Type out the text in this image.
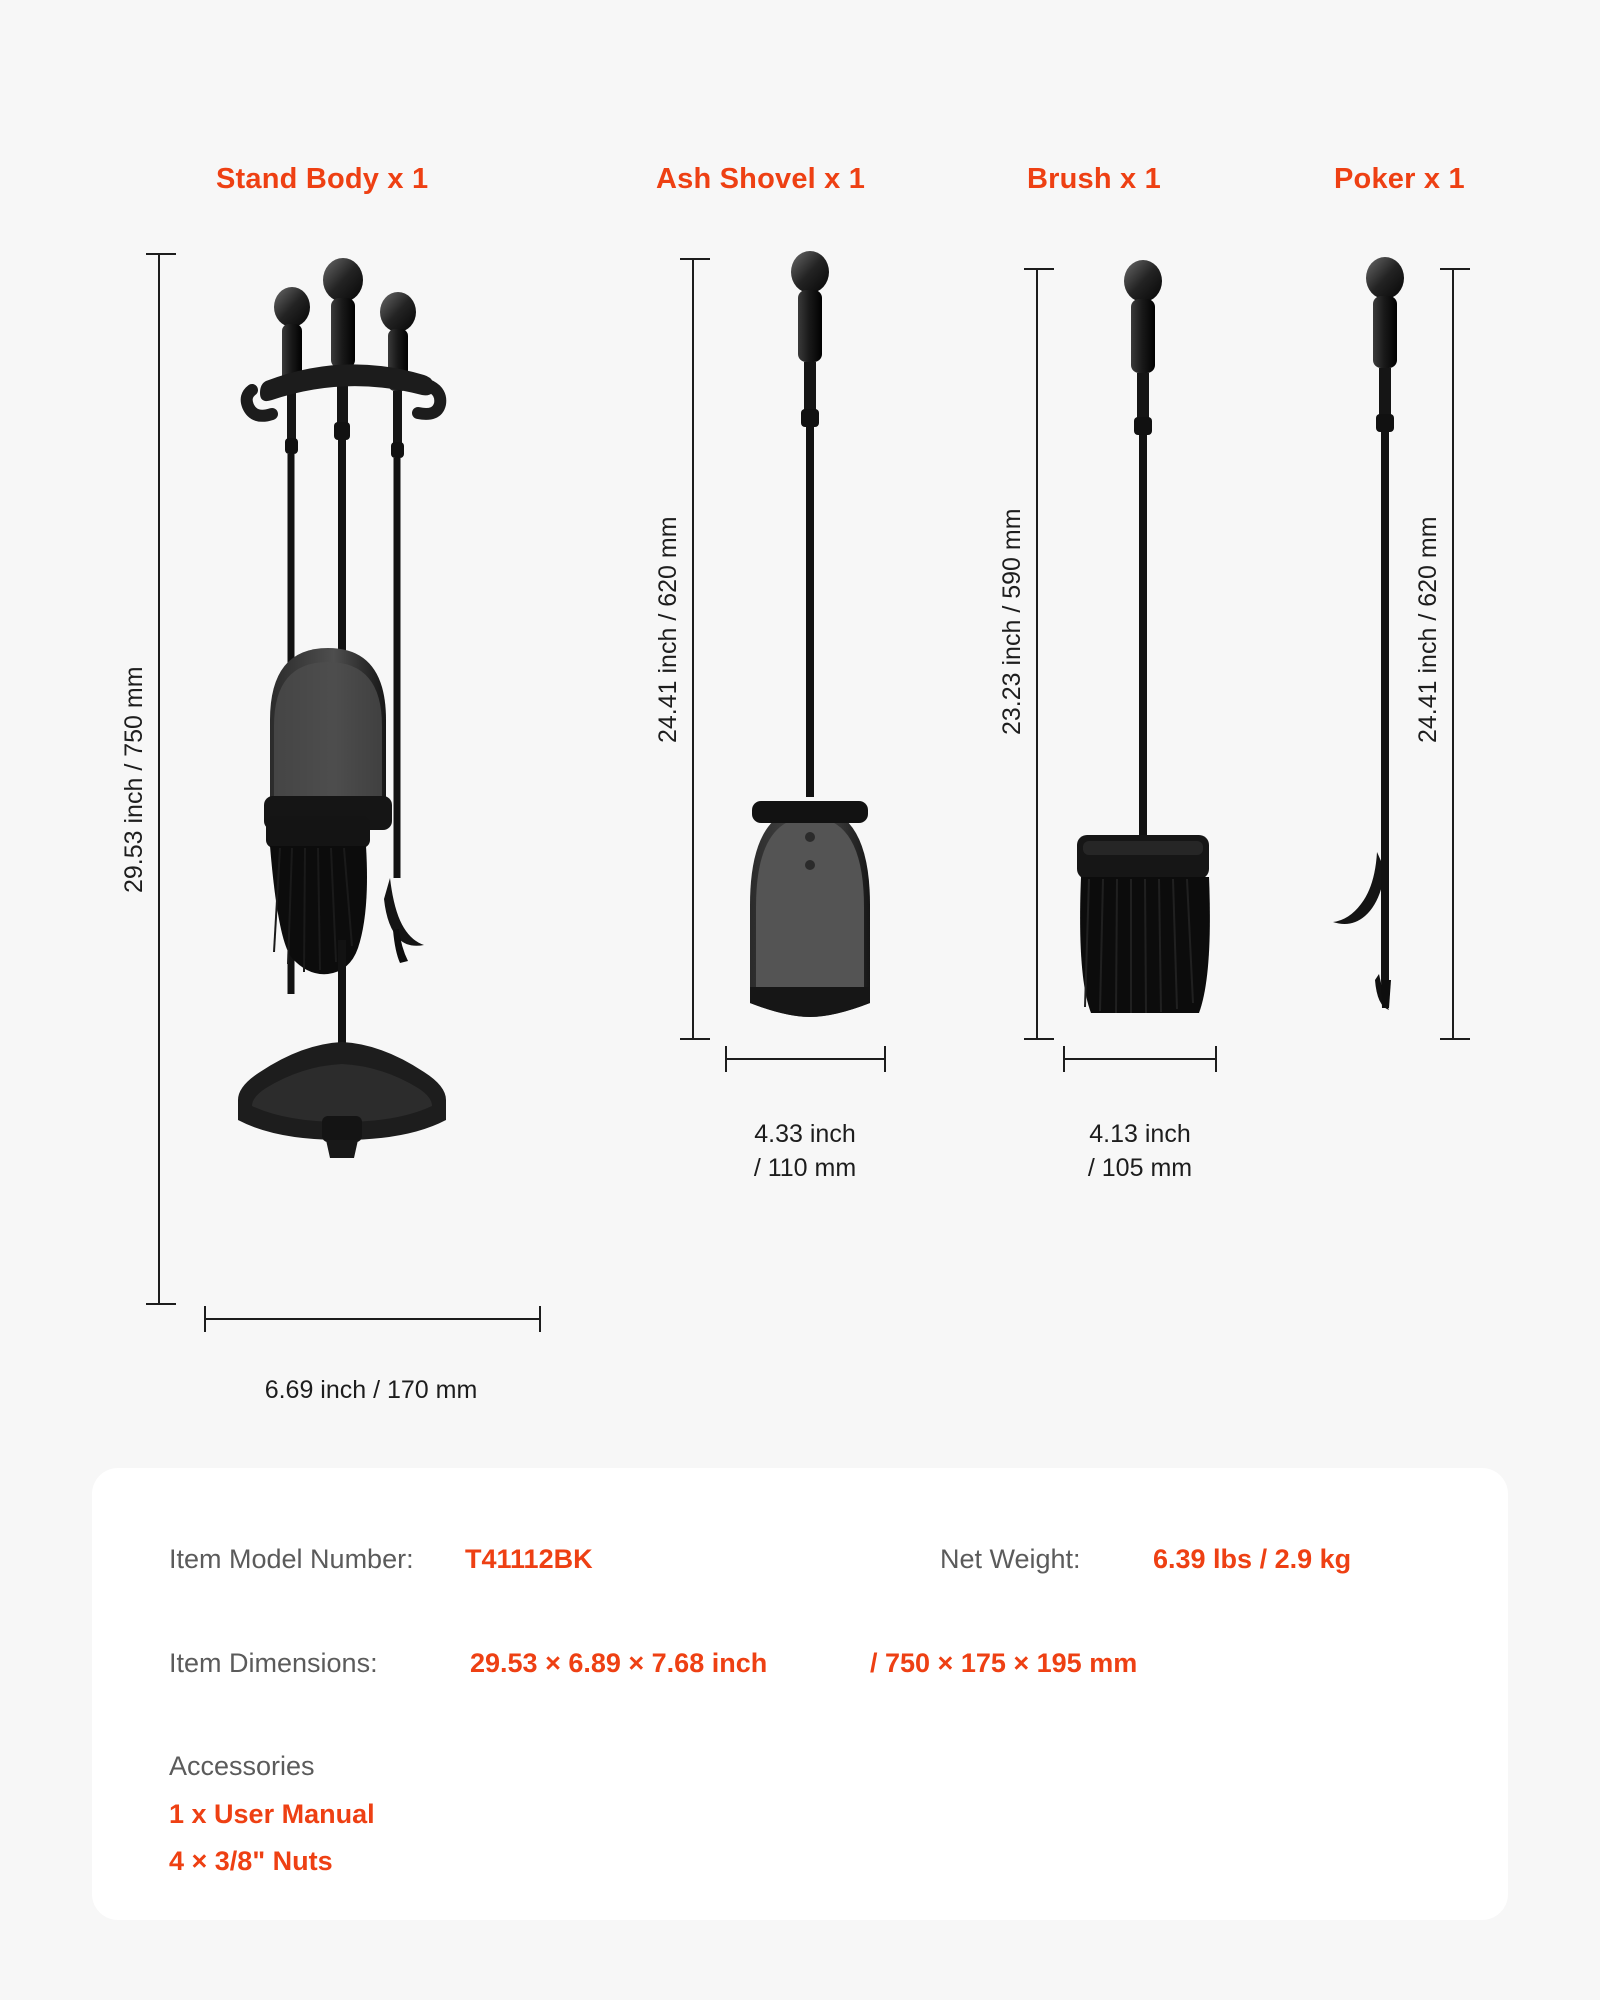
Stand Body x 1	Ash Shovel x 1	Brush x 1	Poker x 1
29.53 inch / 750 mm
6.69 inch / 170 mm
24.41 inch / 620 mm
4.33 inch
/ 110 mm
23.23 inch / 590 mm
4.13 inch
/ 105 mm
24.41 inch / 620 mm
Item Model Number: T41112BK	Net Weight:	6.39 lbs / 2.9 kg
Item Dimensions:	29.53 × 6.89 × 7.68 inch	/ 750 × 175 × 195 mm
Accessories
1 x User Manual
4 × 3/8" Nuts
